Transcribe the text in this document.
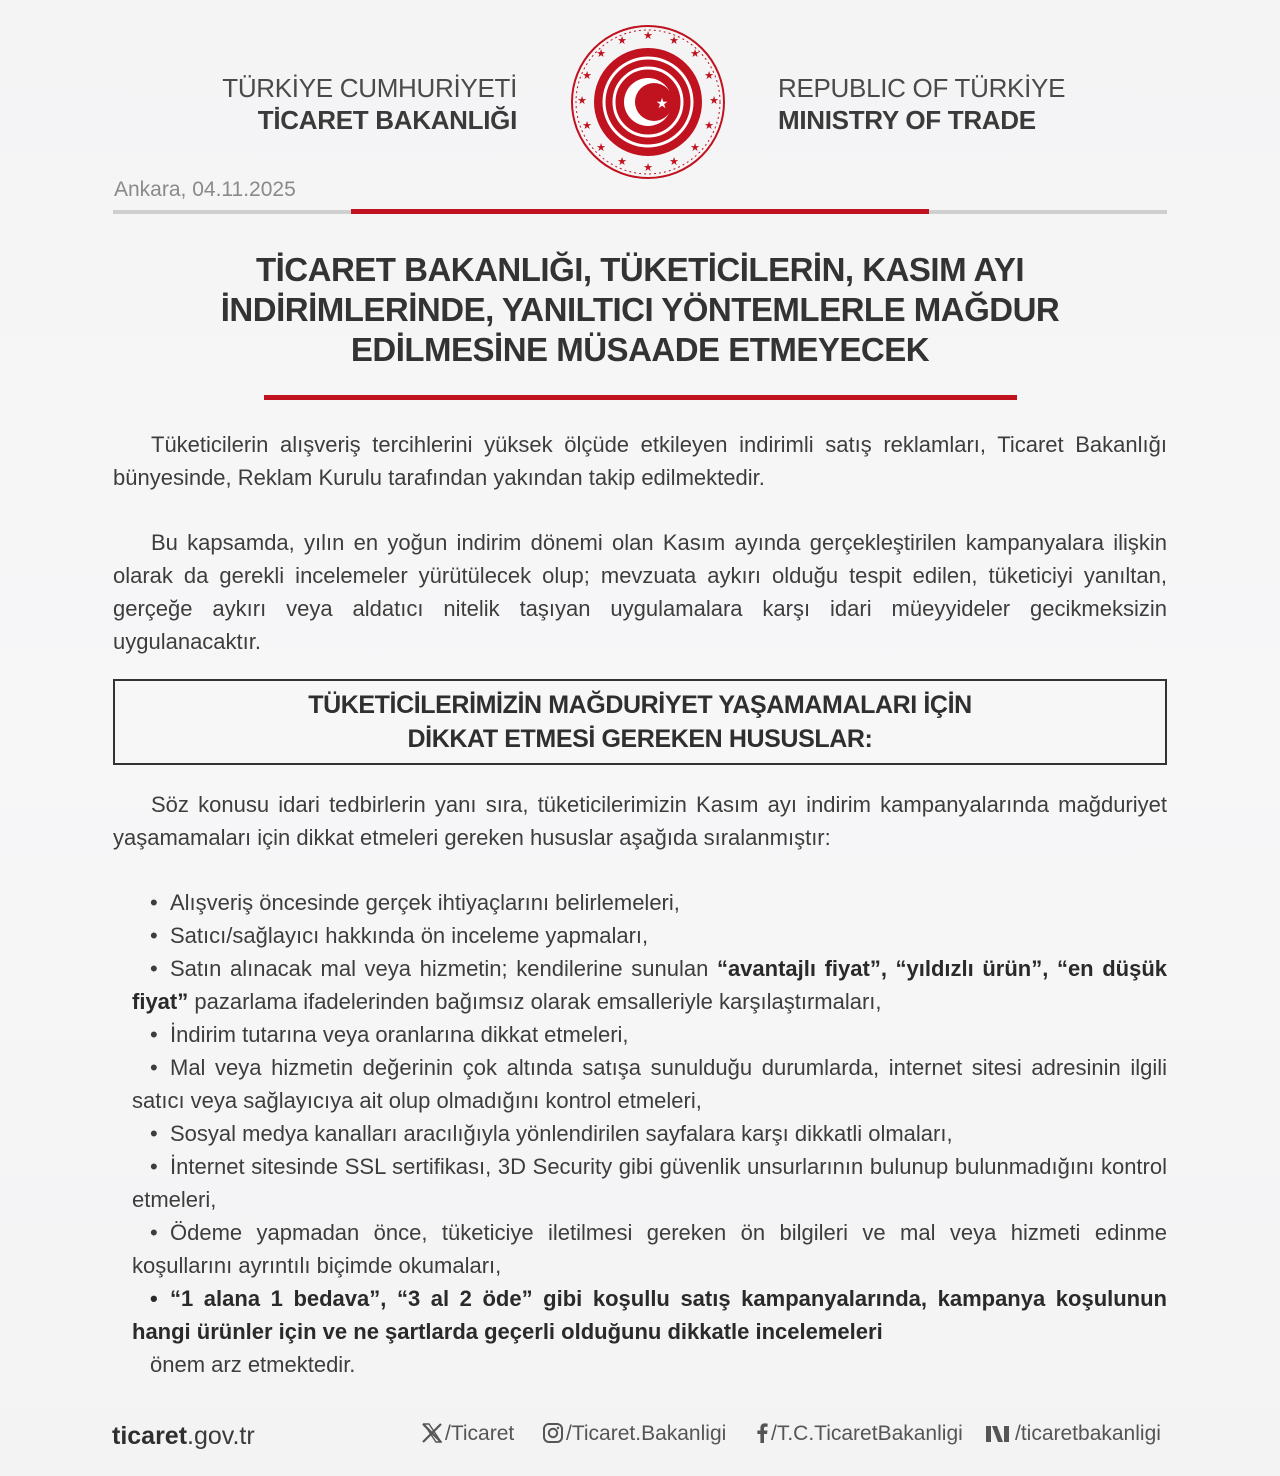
TÜRKİYE CUMHURİYETİ
TİCARET BAKANLIĞI
★ ★
★
★
★
★
★
★
★
★
★
★
★
★
★
★
★
REPUBLIC OF TÜRKİYE
MINISTRY OF TRADE
Ankara, 04.11.2025
TİCARET BAKANLIĞI, TÜKETİCİLERİN, KASIM AYI
İNDİRİMLERİNDE, YANILTICI YÖNTEMLERLE MAĞDUR
EDİLMESİNE MÜSAADE ETMEYECEK
Tüketicilerin alışveriş tercihlerini yüksek ölçüde etkileyen indirimli satış reklamları, Ticaret Bakanlığı bünyesinde, Reklam Kurulu tarafından yakından takip edilmektedir.
Bu kapsamda, yılın en yoğun indirim dönemi olan Kasım ayında gerçekleştirilen kampanyalara ilişkin olarak da gerekli incelemeler yürütülecek olup; mevzuata aykırı olduğu tespit edilen, tüketiciyi yanıltan, gerçeğe aykırı veya aldatıcı nitelik taşıyan uygulamalara karşı idari müeyyideler gecikmeksizin uygulanacaktır.
TÜKETİCİLERİMİZİN MAĞDURİYET YAŞAMAMALARI İÇİN
DİKKAT ETMESİ GEREKEN HUSUSLAR:
Söz konusu idari tedbirlerin yanı sıra, tüketicilerimizin Kasım ayı indirim kampanyalarında mağduriyet yaşamamaları için dikkat etmeleri gereken hususlar aşağıda sıralanmıştır:
• Alışveriş öncesinde gerçek ihtiyaçlarını belirlemeleri,
• Satıcı/sağlayıcı hakkında ön inceleme yapmaları,
• Satın alınacak mal veya hizmetin; kendilerine sunulan “avantajlı fiyat”, “yıldızlı ürün”, “en düşük fiyat” pazarlama ifadelerinden bağımsız olarak emsalleriyle karşılaştırmaları,
• İndirim tutarına veya oranlarına dikkat etmeleri,
• Mal veya hizmetin değerinin çok altında satışa sunulduğu durumlarda, internet sitesi adresinin ilgili satıcı veya sağlayıcıya ait olup olmadığını kontrol etmeleri,
• Sosyal medya kanalları aracılığıyla yönlendirilen sayfalara karşı dikkatli olmaları,
• İnternet sitesinde SSL sertifikası, 3D Security gibi güvenlik unsurlarının bulunup bulunmadığını kontrol etmeleri,
• Ödeme yapmadan önce, tüketiciye iletilmesi gereken ön bilgileri ve mal veya hizmeti edinme koşullarını ayrıntılı biçimde okumaları,
• “1 alana 1 bedava”, “3 al 2 öde” gibi koşullu satış kampanyalarında, kampanya koşulunun hangi ürünler için ve ne şartlarda geçerli olduğunu dikkatle incelemeleri
önem arz etmektedir.
ticaret.gov.tr	/Ticaret	/Ticaret.Bakanligi	/T.C.TicaretBakanligi	/ticaretbakanligi
